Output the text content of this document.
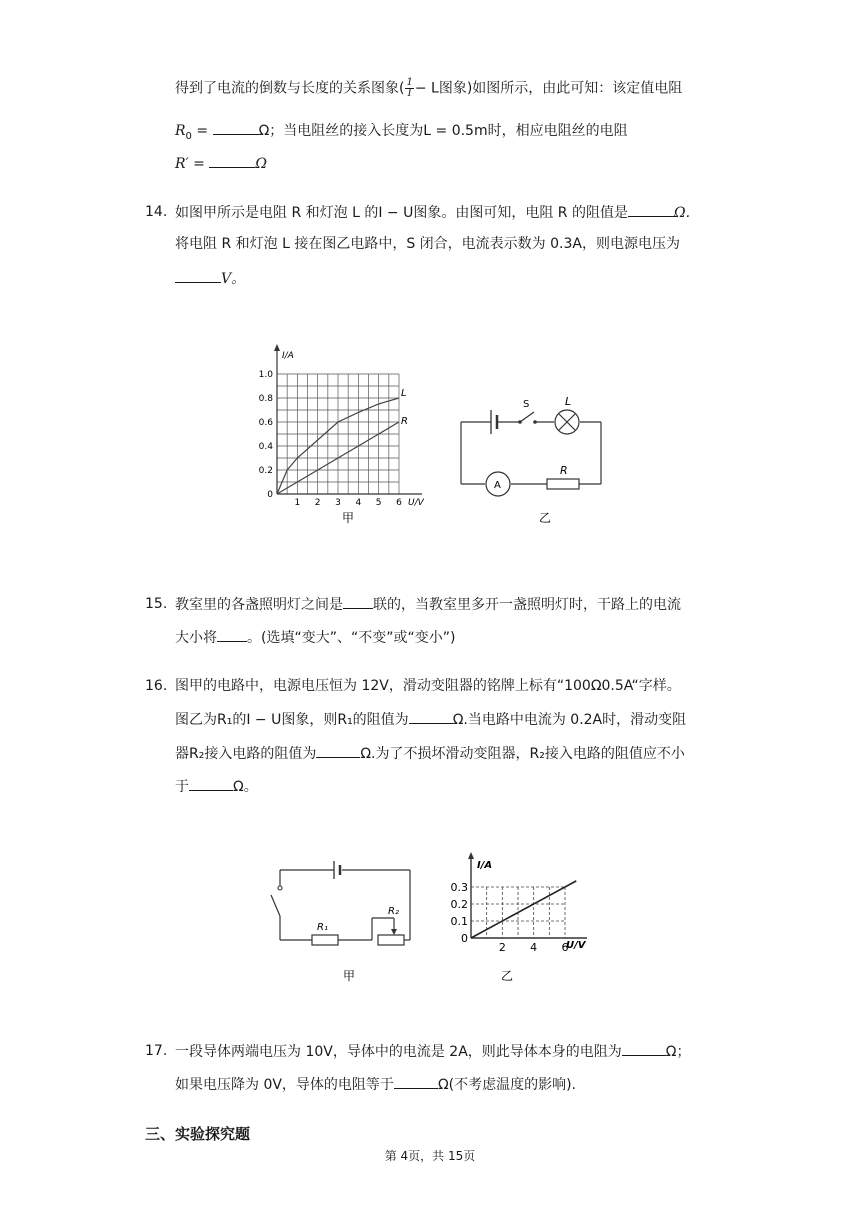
得到了电流的倒数与长度的关系图象( $\frac{1}{I} - L$图象)如图所示，由此可知：该定值电阻
$R_0$ =	Ω；当电阻丝的接入长度为L = 0.5m时，相应电阻丝的电阻
R′ =	Ω
14. 如图甲所示是电阻 R 和灯泡 L 的I − U图象。由图可知，电阻 R 的阻值是	Ω.
将电阻 R 和灯泡 L 接在图乙电路中，S 闭合，电流表示数为 0.3A，则电源电压为
V。
I/A
U/V
1.0
0.8
0.6
0.4
0.2
0
1 2 3 4 5 6
L
R
甲
S	L
A
R
乙
15. 教室里的各盏照明灯之间是 联的，当教室里多开一盏照明灯时，干路上的电流
大小将 。(选填“变大”、“不变”或“变小”)
16. 图甲的电路中，电源电压恒为 12V，滑动变阻器的铭牌上标有“100Ω0.5A“字样。
图乙为R₁的I − U图象，则R₁的阻值为	Ω.当电路中电流为 0.2A时，滑动变阻
器R₂接入电路的阻值为	Ω.为了不损坏滑动变阻器，R₂接入电路的阻值应不小
于	Ω。
R₁
R₂
甲
I/A
U/V
0.3
0.2
0.1
0
2 4 6
乙
17. 一段导体两端电压为 10V，导体中的电流是 2A，则此导体本身的电阻为	Ω；
如果电压降为 0V，导体的电阻等于	Ω(不考虑温度的影响).
三、实验探究题
第 4页，共 15页
